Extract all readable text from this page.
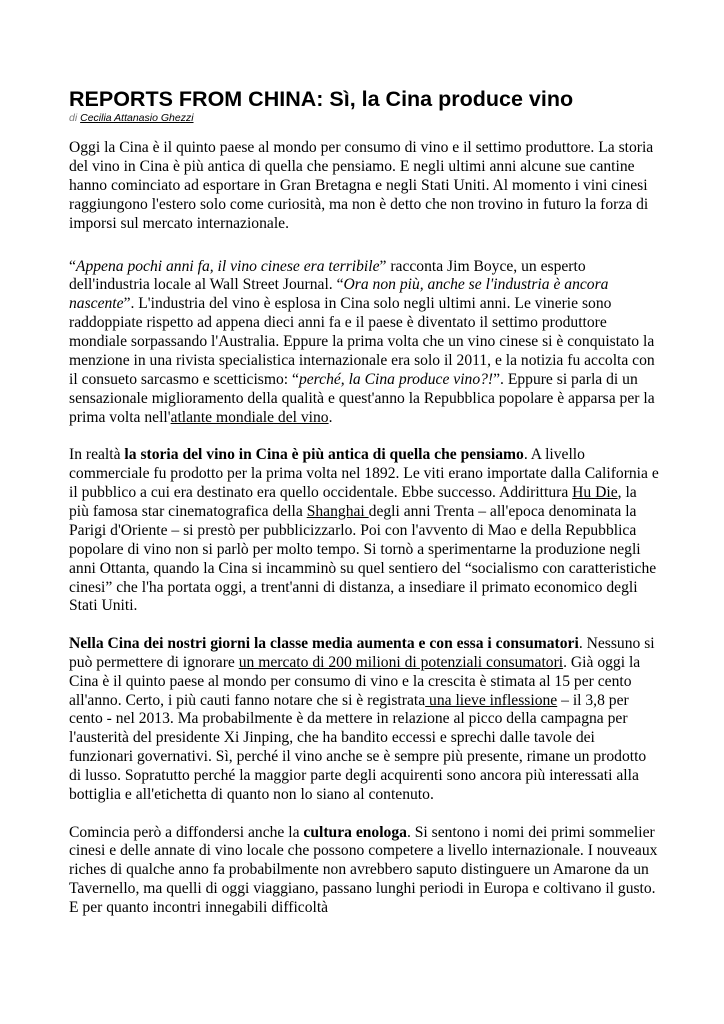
REPORTS FROM CHINA: Sì, la Cina produce vino
di Cecilia Attanasio Ghezzi

Oggi la Cina è il quinto paese al mondo per consumo di vino e il settimo produttore. La storia del vino in Cina è più antica di quella che pensiamo. E negli ultimi anni alcune sue cantine hanno cominciato ad esportare in Gran Bretagna e negli Stati Uniti. Al momento i vini cinesi raggiungono l'estero solo come curiosità, ma non è detto che non trovino in futuro la forza di imporsi sul mercato internazionale.

“Appena pochi anni fa, il vino cinese era terribile” racconta Jim Boyce, un esperto dell'industria locale al Wall Street Journal. “Ora non più, anche se l'industria è ancora nascente”. L'industria del vino è esplosa in Cina solo negli ultimi anni. Le vinerie sono raddoppiate rispetto ad appena dieci anni fa e il paese è diventato il settimo produttore mondiale sorpassando l'Australia. Eppure la prima volta che un vino cinese si è conquistato la menzione in una rivista specialistica internazionale era solo il 2011, e la notizia fu accolta con il consueto sarcasmo e scetticismo: “perché, la Cina produce vino?!”. Eppure si parla di un sensazionale miglioramento della qualità e quest'anno la Repubblica popolare è apparsa per la prima volta nell'atlante mondiale del vino.

In realtà la storia del vino in Cina è più antica di quella che pensiamo. A livello commerciale fu prodotto per la prima volta nel 1892. Le viti erano importate dalla California e il pubblico a cui era destinato era quello occidentale. Ebbe successo. Addirittura Hu Die, la più famosa star cinematografica della Shanghai degli anni Trenta – all'epoca denominata la Parigi d'Oriente – si prestò per pubblicizzarlo. Poi con l'avvento di Mao e della Repubblica popolare di vino non si parlò per molto tempo. Si tornò a sperimentarne la produzione negli anni Ottanta, quando la Cina si incamminò su quel sentiero del “socialismo con caratteristiche cinesi” che l'ha portata oggi, a trent'anni di distanza, a insediare il primato economico degli Stati Uniti.

Nella Cina dei nostri giorni la classe media aumenta e con essa i consumatori. Nessuno si può permettere di ignorare un mercato di 200 milioni di potenziali consumatori. Già oggi la Cina è il quinto paese al mondo per consumo di vino e la crescita è stimata al 15 per cento all'anno. Certo, i più cauti fanno notare che si è registrata una lieve inflessione – il 3,8 per cento - nel 2013. Ma probabilmente è da mettere in relazione al picco della campagna per l'austerità del presidente Xi Jinping, che ha bandito eccessi e sprechi dalle tavole dei funzionari governativi. Sì, perché il vino anche se è sempre più presente, rimane un prodotto di lusso. Sopratutto perché la maggior parte degli acquirenti sono ancora più interessati alla bottiglia e all'etichetta di quanto non lo siano al contenuto.

Comincia però a diffondersi anche la cultura enologa. Si sentono i nomi dei primi sommelier cinesi e delle annate di vino locale che possono competere a livello internazionale. I nouveaux riches di qualche anno fa probabilmente non avrebbero saputo distinguere un Amarone da un Tavernello, ma quelli di oggi viaggiano, passano lunghi periodi in Europa e coltivano il gusto. E per quanto incontri innegabili difficoltà
